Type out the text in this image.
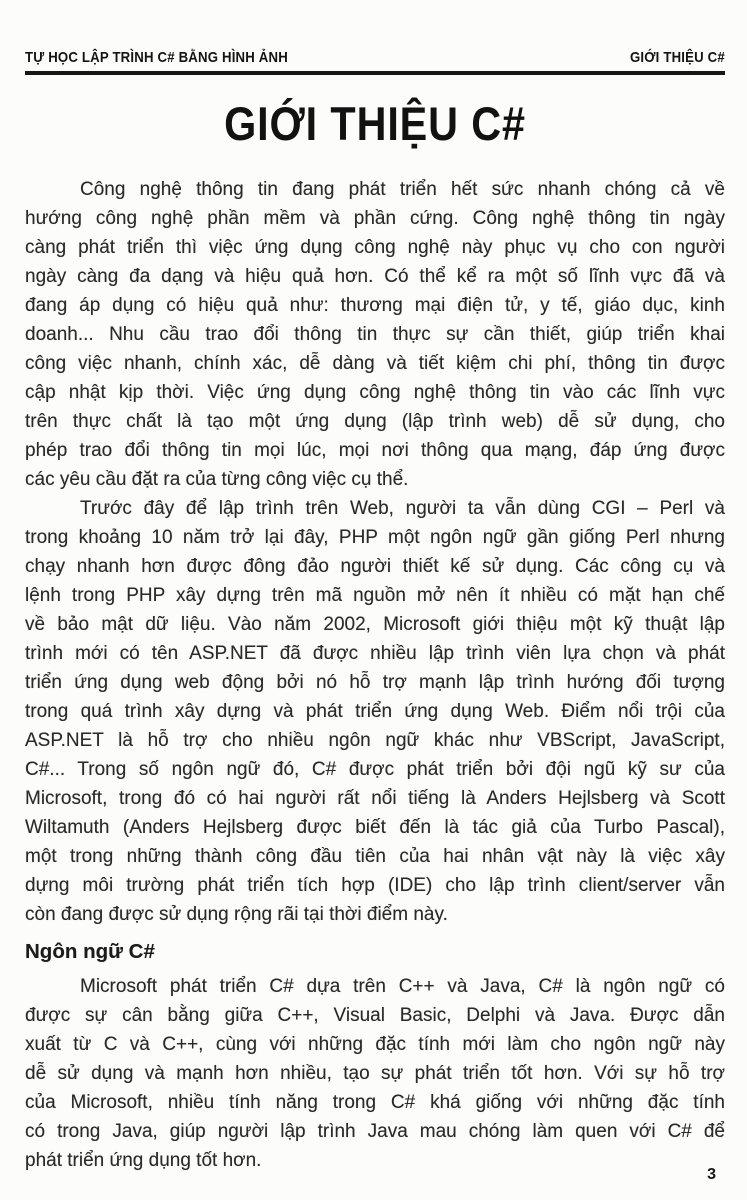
TỰ HỌC LẬP TRÌNH C# BẰNG HÌNH ẢNH	GIỚI THIỆU C#
GIỚI THIỆU C#
Công nghệ thông tin đang phát triển hết sức nhanh chóng cả về
hướng công nghệ phần mềm và phần cứng. Công nghệ thông tin ngày
càng phát triển thì việc ứng dụng công nghệ này phục vụ cho con người
ngày càng đa dạng và hiệu quả hơn. Có thể kể ra một số lĩnh vực đã và
đang áp dụng có hiệu quả như: thương mại điện tử, y tế, giáo dục, kinh
doanh... Nhu cầu trao đổi thông tin thực sự cần thiết, giúp triển khai
công việc nhanh, chính xác, dễ dàng và tiết kiệm chi phí, thông tin được
cập nhật kịp thời. Việc ứng dụng công nghệ thông tin vào các lĩnh vực
trên thực chất là tạo một ứng dụng (lập trình web) dễ sử dụng, cho
phép trao đổi thông tin mọi lúc, mọi nơi thông qua mạng, đáp ứng được
các yêu cầu đặt ra của từng công việc cụ thể.
Trước đây để lập trình trên Web, người ta vẫn dùng CGI – Perl và
trong khoảng 10 năm trở lại đây, PHP một ngôn ngữ gần giống Perl nhưng
chạy nhanh hơn được đông đảo người thiết kế sử dụng. Các công cụ và
lệnh trong PHP xây dựng trên mã nguồn mở nên ít nhiều có mặt hạn chế
về bảo mật dữ liệu. Vào năm 2002, Microsoft giới thiệu một kỹ thuật lập
trình mới có tên ASP.NET đã được nhiều lập trình viên lựa chọn và phát
triển ứng dụng web động bởi nó hỗ trợ mạnh lập trình hướng đối tượng
trong quá trình xây dựng và phát triển ứng dụng Web. Điểm nổi trội của
ASP.NET là hỗ trợ cho nhiều ngôn ngữ khác như VBScript, JavaScript,
C#... Trong số ngôn ngữ đó, C# được phát triển bởi đội ngũ kỹ sư của
Microsoft, trong đó có hai người rất nổi tiếng là Anders Hejlsberg và Scott
Wiltamuth (Anders Hejlsberg được biết đến là tác giả của Turbo Pascal),
một trong những thành công đầu tiên của hai nhân vật này là việc xây
dựng môi trường phát triển tích hợp (IDE) cho lập trình client/server vẫn
còn đang được sử dụng rộng rãi tại thời điểm này.
Ngôn ngữ C#
Microsoft phát triển C# dựa trên C++ và Java, C# là ngôn ngữ có
được sự cân bằng giữa C++, Visual Basic, Delphi và Java. Được dẫn
xuất từ C và C++, cùng với những đặc tính mới làm cho ngôn ngữ này
dễ sử dụng và mạnh hơn nhiều, tạo sự phát triển tốt hơn. Với sự hỗ trợ
của Microsoft, nhiều tính năng trong C# khá giống với những đặc tính
có trong Java, giúp người lập trình Java mau chóng làm quen với C# để
phát triển ứng dụng tốt hơn.
3
